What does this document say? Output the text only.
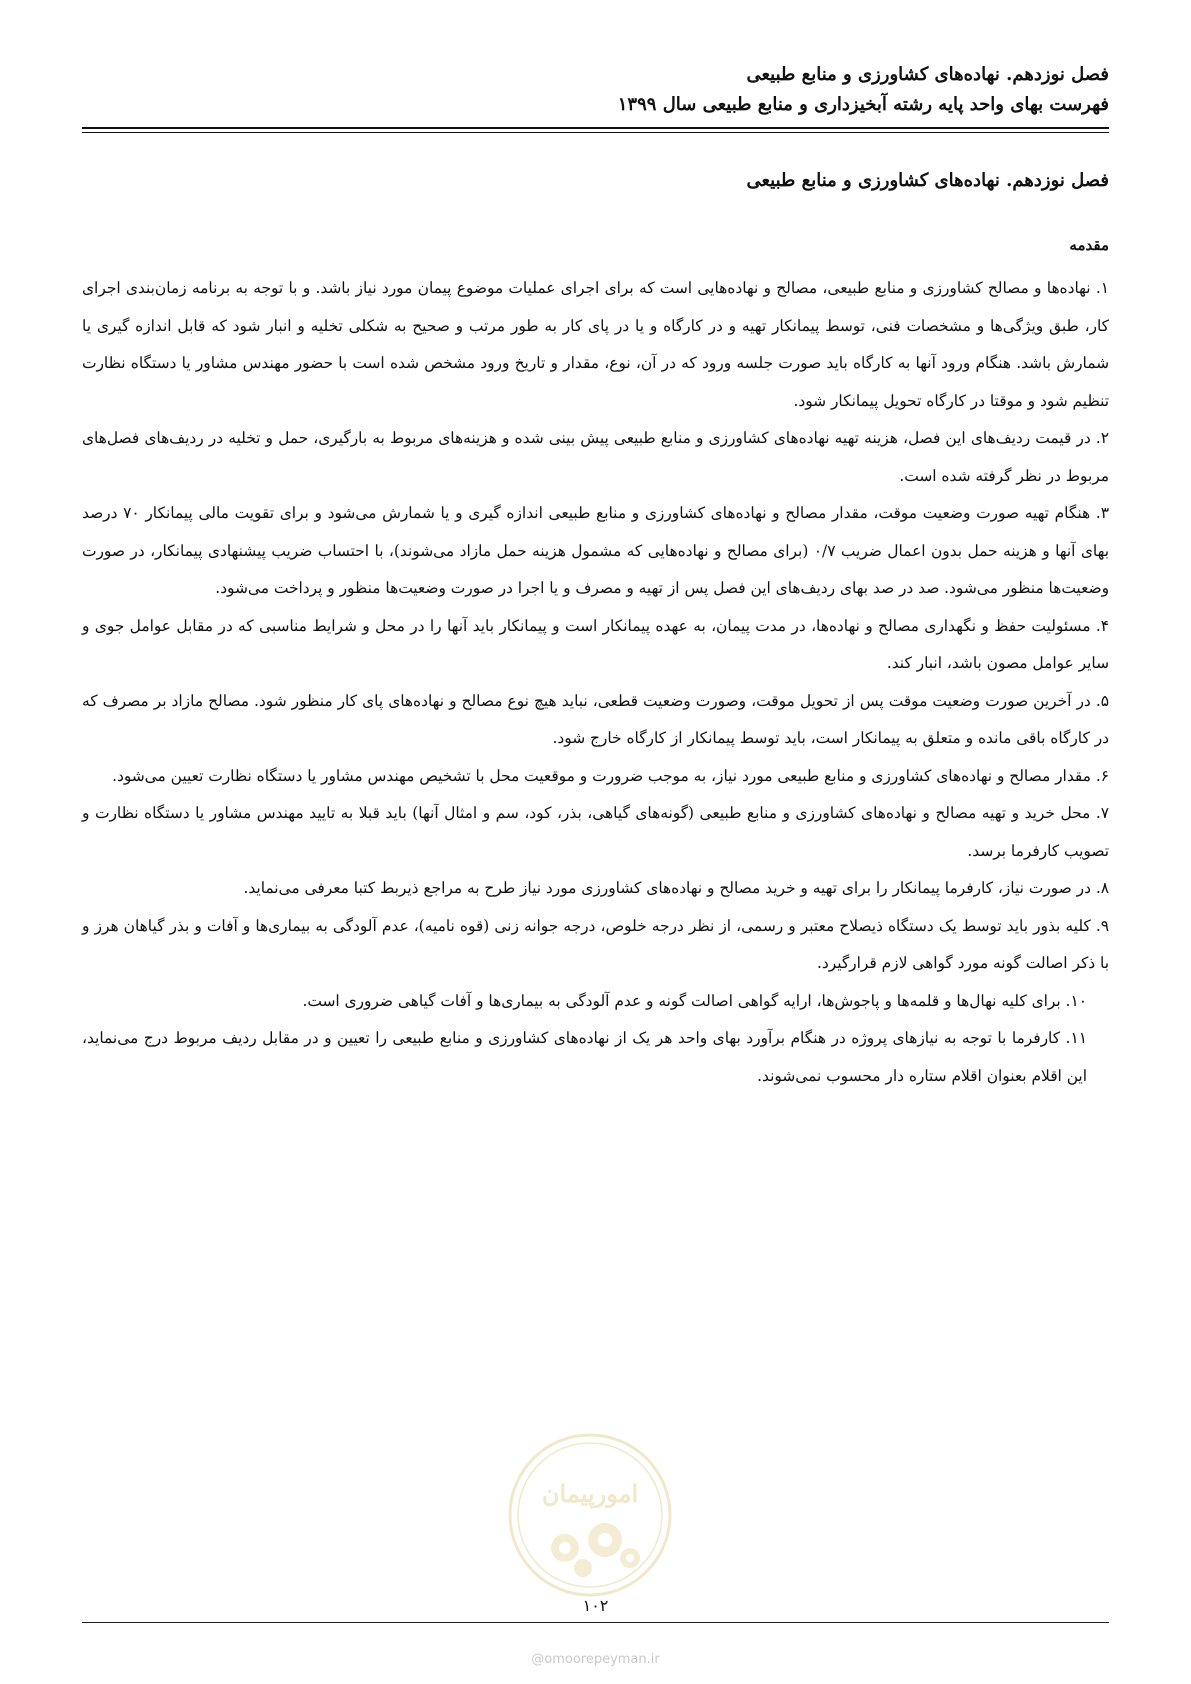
فصل نوزدهم. نهاده‌های کشاورزی و منابع طبیعی

فهرست بهای واحد پایه رشته آبخیزداری و منابع طبیعی سال ۱۳۹۹

فصل نوزدهم. نهاده‌های کشاورزی و منابع طبیعی
مقدمه

۱. نهاده‌ها و مصالح کشاورزی و منابع طبیعی، مصالح و نهاده‌هایی است که برای اجرای عملیات موضوع پیمان مورد نیاز باشد. و با توجه به برنامه زمان‌بندی اجرای کار، طبق ویژگی‌ها و مشخصات فنی، توسط پیمانکار تهیه و در کارگاه و یا در پای کار به طور مرتب و صحیح به شکلی تخلیه و انبار شود که قابل اندازه گیری یا شمارش باشد. هنگام ورود آنها به کارگاه باید صورت جلسه ورود که در آن، نوع، مقدار و تاریخ ورود مشخص شده است با حضور مهندس مشاور یا دستگاه نظارت تنظیم شود و موقتا در کارگاه تحویل پیمانکار شود.

۲. در قیمت ردیف‌های این فصل، هزینه تهیه نهاده‌های کشاورزی و منابع طبیعی پیش بینی شده و هزینه‌های مربوط به بارگیری، حمل و تخلیه در ردیف‌های فصل‌های مربوط در نظر گرفته شده است.

۳. هنگام تهیه صورت وضعیت موقت، مقدار مصالح و نهاده‌های کشاورزی و منابع طبیعی اندازه گیری و یا شمارش می‌شود و برای تقویت مالی پیمانکار ۷۰ درصد بهای آنها و هزینه حمل بدون اعمال ضریب ۰/۷ (برای مصالح و نهاده‌هایی که مشمول هزینه حمل مازاد می‌شوند)، با احتساب ضریب پیشنهادی پیمانکار، در صورت وضعیت‌ها منظور می‌شود. صد در صد بهای ردیف‌های این فصل پس از تهیه و مصرف و یا اجرا در صورت وضعیت‌ها منظور و پرداخت می‌شود.

۴. مسئولیت حفظ و نگهداری مصالح و نهاده‌ها، در مدت پیمان، به عهده پیمانکار است و پیمانکار باید آنها را در محل و شرایط مناسبی که در مقابل عوامل جوی و سایر عوامل مصون باشد، انبار کند.

۵. در آخرین صورت وضعیت موقت پس از تحویل موقت، وصورت وضعیت قطعی، نباید هیچ نوع مصالح و نهاده‌های پای کار منظور شود. مصالح مازاد بر مصرف که در کارگاه باقی مانده و متعلق به پیمانکار است، باید توسط پیمانکار از کارگاه خارج شود.

۶. مقدار مصالح و نهاده‌های کشاورزی و منابع طبیعی مورد نیاز، به موجب ضرورت و موقعیت محل با تشخیص مهندس مشاور یا دستگاه نظارت تعیین می‌شود.

۷. محل خرید و تهیه مصالح و نهاده‌های کشاورزی و منابع طبیعی (گونه‌های گیاهی، بذر، کود، سم و امثال آنها) باید قبلا به تایید مهندس مشاور یا دستگاه نظارت و تصویب کارفرما برسد.

۸. در صورت نیاز، کارفرما پیمانکار را برای تهیه و خرید مصالح و نهاده‌های کشاورزی مورد نیاز طرح به مراجع ذیربط کتبا معرفی می‌نماید.

۹. کلیه بذور باید توسط یک دستگاه ذیصلاح معتبر و رسمی، از نظر درجه خلوص، درجه جوانه زنی (قوه نامیه)، عدم آلودگی به بیماری‌ها و آفات و بذر گیاهان هرز و با ذکر اصالت گونه مورد گواهی لازم قرارگیرد.

۱۰. برای کلیه نهال‌ها و قلمه‌ها و پاجوش‌ها، ارایه گواهی اصالت گونه و عدم آلودگی به بیماری‌ها و آفات گیاهی ضروری است.

۱۱. کارفرما با توجه به نیازهای پروژه در هنگام برآورد بهای واحد هر یک از نهاده‌های کشاورزی و منابع طبیعی را تعیین و در مقابل ردیف مربوط درج می‌نماید، این اقلام بعنوان اقلام ستاره دار محسوب نمی‌شوند.

امورپیمان
۱۰۲
@omoorepeyman.ir
